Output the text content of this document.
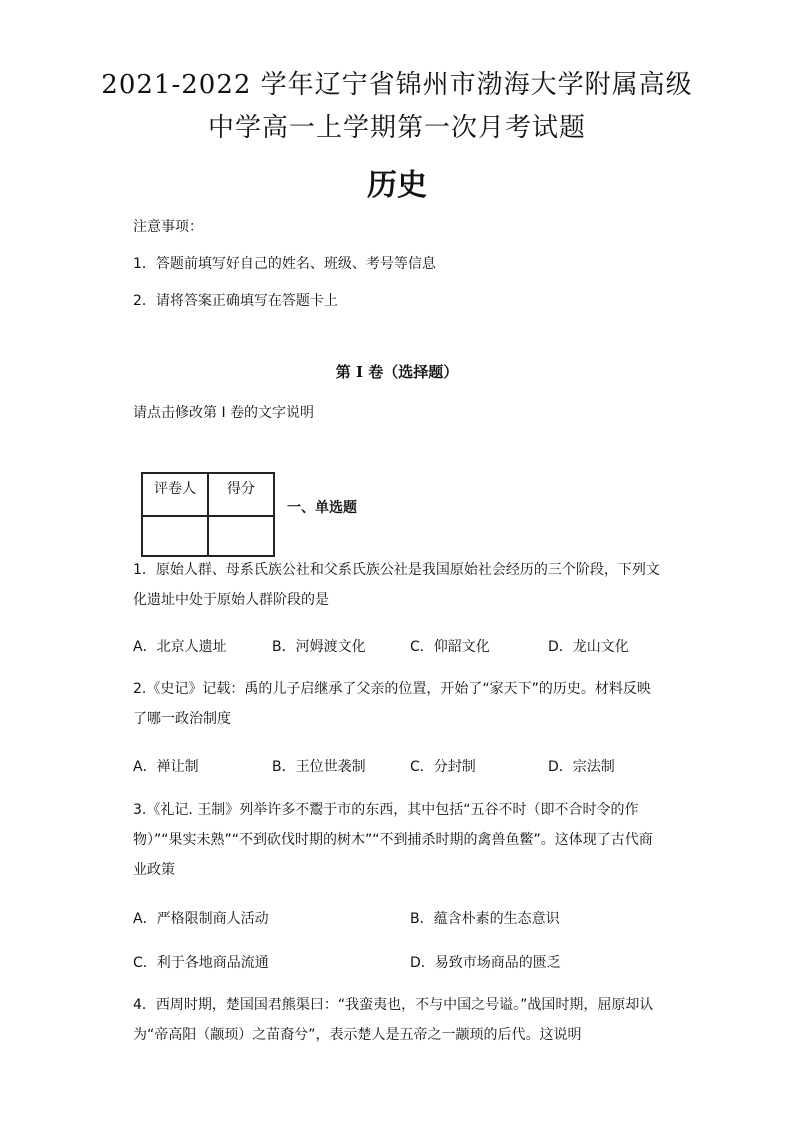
2021-2022 学年辽宁省锦州市渤海大学附属高级
中学高一上学期第一次月考试题
历史
注意事项：
1．答题前填写好自己的姓名、班级、考号等信息
2．请将答案正确填写在答题卡上
第 I 卷（选择题）
请点击修改第 I 卷的文字说明
评卷人	得分

一、单选题
1．原始人群、母系氏族公社和父系氏族公社是我国原始社会经历的三个阶段，下列文化遗址中处于原始人群阶段的是
A．北京人遗址	B．河姆渡文化	C．仰韶文化	D．龙山文化
2.《史记》记载：禹的儿子启继承了父亲的位置，开始了“家天下”的历史。材料反映了哪一政治制度
A．禅让制	B．王位世袭制	C．分封制	D．宗法制
3.《礼记. 王制》列举许多不鬻于市的东西，其中包括“五谷不时（即不合时令的作物）”“果实未熟”“不到砍伐时期的树木”“不到捕杀时期的禽兽鱼鳖”。这体现了古代商业政策
A．严格限制商人活动	B．蕴含朴素的生态意识
C．利于各地商品流通	D．易致市场商品的匮乏
4．西周时期，楚国国君熊渠曰：“我蛮夷也，不与中国之号谥。”战国时期，屈原却认为“帝高阳（颛顼）之苗裔兮”，表示楚人是五帝之一颛顼的后代。这说明
